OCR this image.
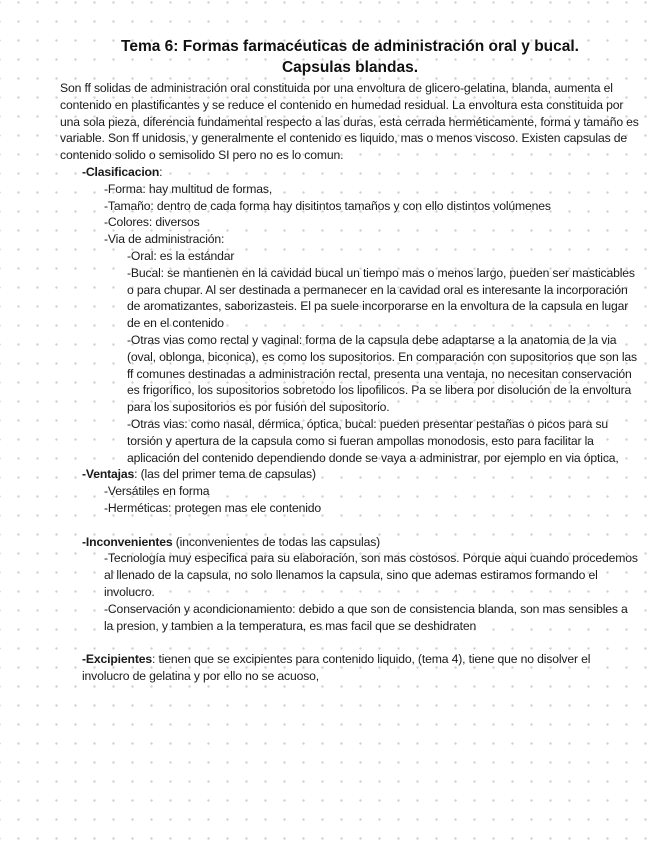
Tema 6: Formas farmacéuticas de administración oral y bucal.
Capsulas blandas.

Son ff solidas de administración oral constituida por una envoltura de glicero-gelatina, blanda, aumenta el contenido en plastificantes y se reduce el contenido en humedad residual. La envoltura esta constituida por una sola pieza, diferencia fundamental respecto a las duras, esta cerrada herméticamente, forma y tamaño es variable. Son ff unidosis, y generalmente el contenido es liquido, mas o menos viscoso. Existen capsulas de contenido solido o semisolido SI pero no es lo comun.

-Clasificacion:

-Forma: hay multitud de formas,

-Tamaño: dentro de cada forma hay disitintos tamaños y con ello distintos volúmenes

-Colores: diversos

-Via de administración:

-Oral: es la estándar

-Bucal: se mantienen en la cavidad bucal un tiempo mas o menos largo, pueden ser masticables o para chupar. Al ser destinada a permanecer en la cavidad oral es interesante la incorporación de aromatizantes, saborizasteis. El pa suele incorporarse en la envoltura de la capsula en lugar de en el contenido

-Otras vias como rectal y vaginal: forma de la capsula debe adaptarse a la anatomia de la via (oval, oblonga, biconica), es como los supositorios. En comparación con supositorios que son las ff comunes destinadas a administración rectal, presenta una ventaja, no necesitan conservación es frigorífico, los supositorios sobretodo los lipofilicos. Pa se libera por disolución de la envoltura para los supositorios es por fusión del supositorio.

-Otras vias: como nasal, dérmica, óptica, bucal: pueden presentar pestañas o picos para su torsión y apertura de la capsula como si fueran ampollas monodosis, esto para facilitar la aplicación del contenido dependiendo donde se vaya a administrar, por ejemplo en via óptica,

-Ventajas: (las del primer tema de capsulas)

-Versátiles en forma

-Herméticas: protegen mas ele contenido

-Inconvenientes (inconvenientes de todas las capsulas)

-Tecnología muy especifica para su elaboración, son mas costosos. Porque aqui cuando procedemos al llenado de la capsula, no solo llenamos la capsula, sino que ademas estiramos formando el involucro.

-Conservación y acondicionamiento: debido a que son de consistencia blanda, son mas sensibles a la presion, y tambien a la temperatura, es mas facil que se deshidraten

-Excipientes: tienen que se excipientes para contenido liquido, (tema 4), tiene que no disolver el involucro de gelatina y por ello no se acuoso,
